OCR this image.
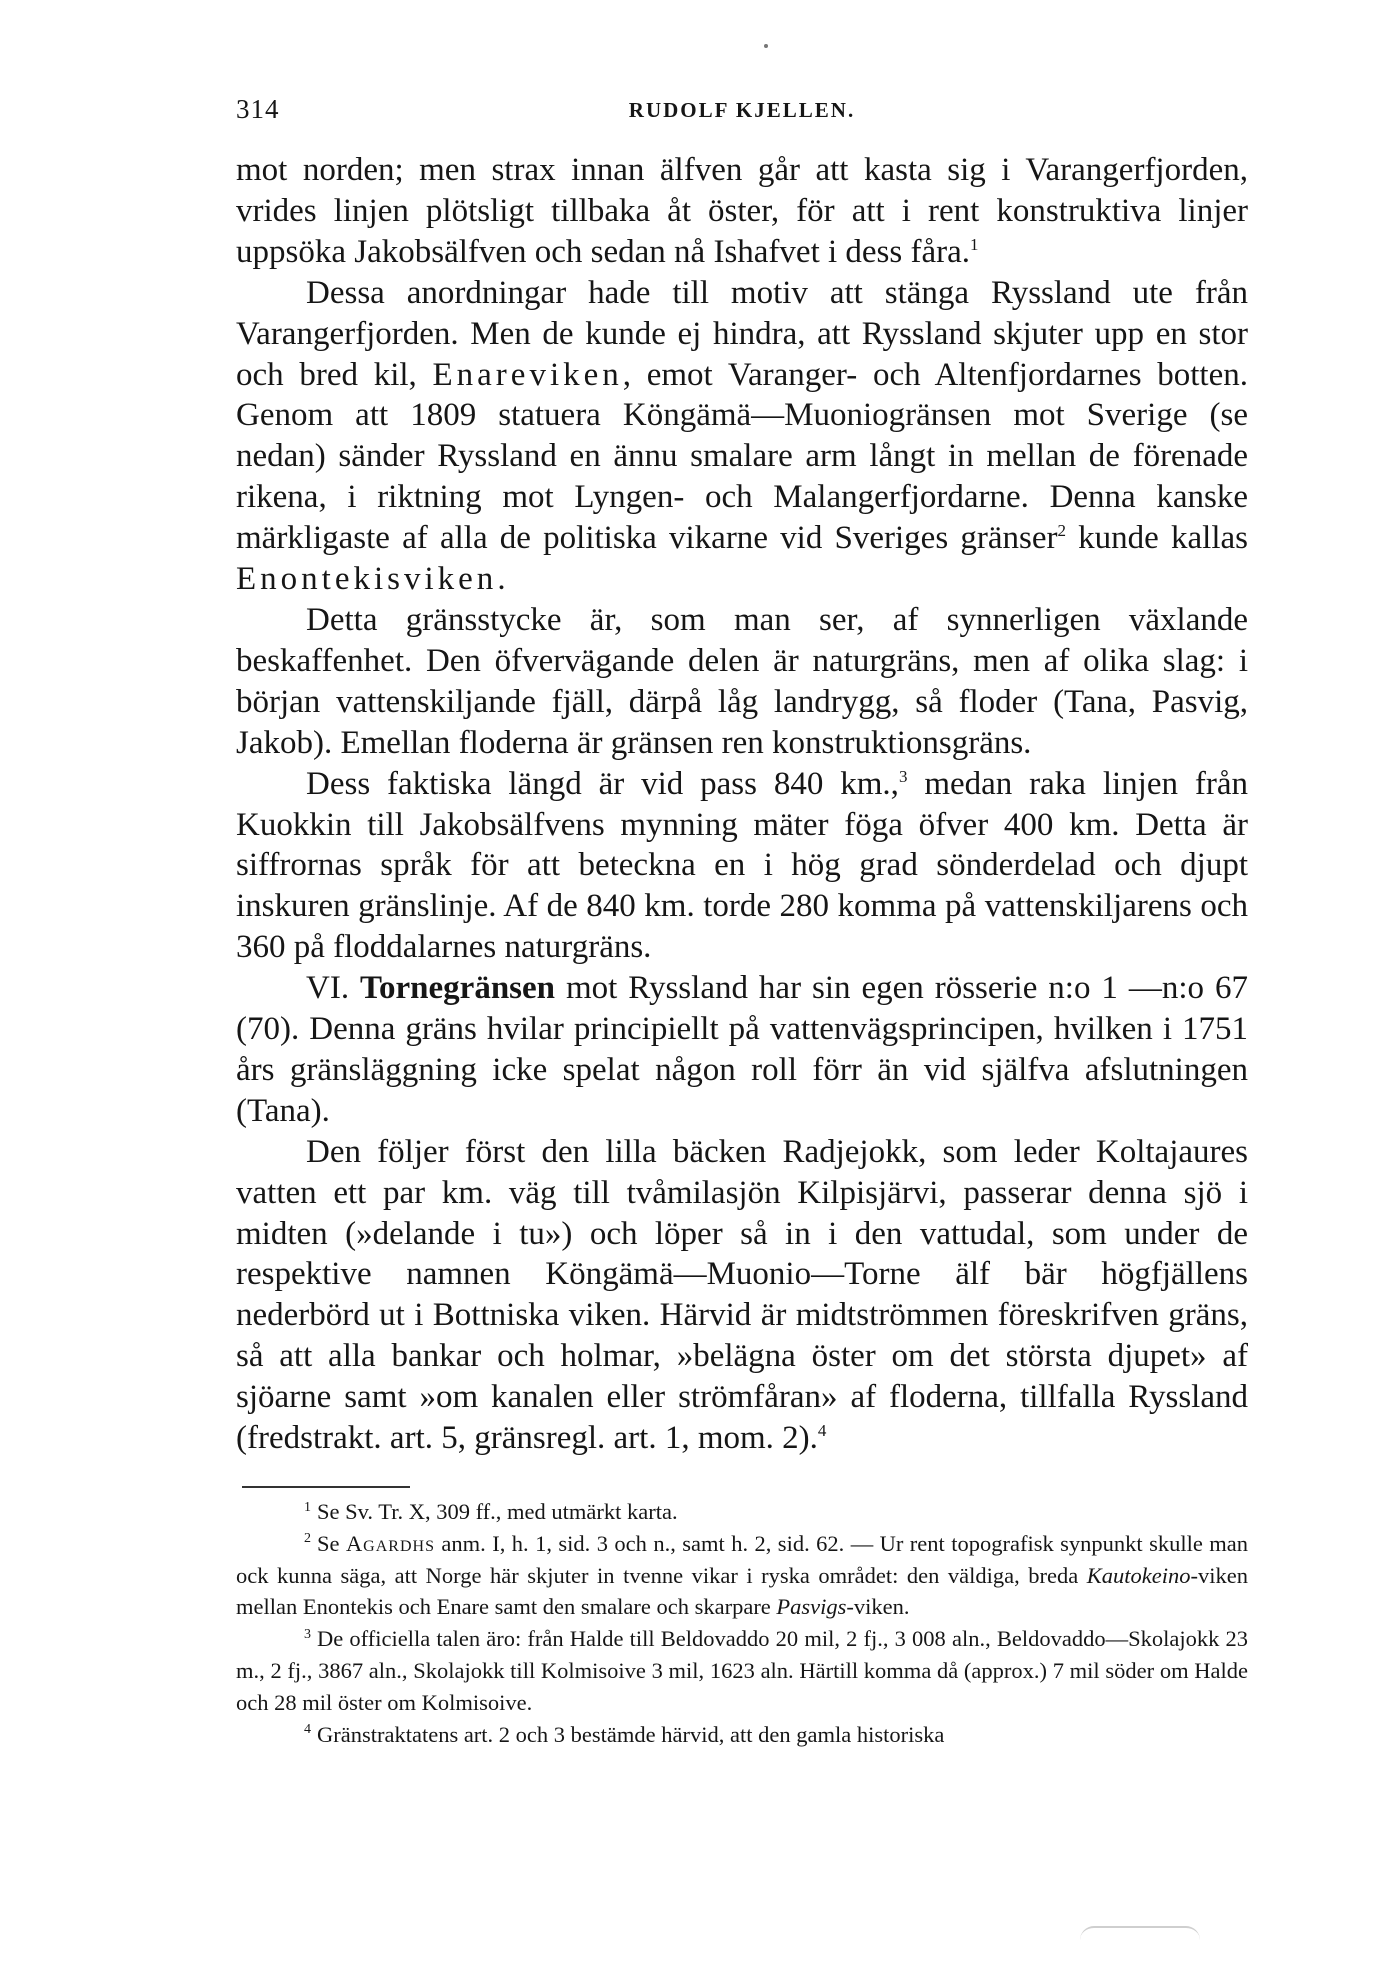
314	RUDOLF KJELLEN.

mot norden; men strax innan älfven går att kasta sig i Varangerfjorden, vrides linjen plötsligt tillbaka åt öster, för att i rent konstruktiva linjer uppsöka Jakobsälfven och sedan nå Ishafvet i dess fåra.$^1$

Dessa anordningar hade till motiv att stänga Ryssland ute från Varangerfjorden. Men de kunde ej hindra, att Ryssland skjuter upp en stor och bred kil, Enareviken, emot Varanger- och Altenfjordarnes botten. Genom att 1809 statuera Köngämä—Muoniogränsen mot Sverige (se nedan) sänder Ryssland en ännu smalare arm långt in mellan de förenade rikena, i riktning mot Lyngen- och Malangerfjordarne. Denna kanske märkligaste af alla de politiska vikarne vid Sveriges gränser$^2$ kunde kallas Enontekisviken.

Detta gränsstycke är, som man ser, af synnerligen växlande beskaffenhet. Den öfvervägande delen är naturgräns, men af olika slag: i början vattenskiljande fjäll, därpå låg landrygg, så floder (Tana, Pasvig, Jakob). Emellan floderna är gränsen ren konstruktionsgräns.

Dess faktiska längd är vid pass 840 km.,$^3$ medan raka linjen från Kuokkin till Jakobsälfvens mynning mäter föga öfver 400 km. Detta är siffrornas språk för att beteckna en i hög grad sönderdelad och djupt inskuren gränslinje. Af de 840 km. torde 280 komma på vattenskiljarens och 360 på floddalarnes naturgräns.

VI. Tornegränsen mot Ryssland har sin egen rösserie n:o 1 —n:o 67 (70). Denna gräns hvilar principiellt på vattenvägsprincipen, hvilken i 1751 års gränsläggning icke spelat någon roll förr än vid själfva afslutningen (Tana).

Den följer först den lilla bäcken Radjejokk, som leder Koltajaures vatten ett par km. väg till tvåmilasjön Kilpisjärvi, passerar denna sjö i midten (»delande i tu») och löper så in i den vattudal, som under de respektive namnen Köngämä—Muonio—Torne älf bär högfjällens nederbörd ut i Bottniska viken. Härvid är midtströmmen föreskrifven gräns, så att alla bankar och holmar, »belägna öster om det största djupet» af sjöarne samt »om kanalen eller strömfåran» af floderna, tillfalla Ryssland (fredstrakt. art. 5, gränsregl. art. 1, mom. 2).$^4$

$^1$ Se Sv. Tr. X, 309 ff., med utmärkt karta.

$^2$ Se Agardhs anm. I, h. 1, sid. 3 och n., samt h. 2, sid. 62. — Ur rent topografisk synpunkt skulle man ock kunna säga, att Norge här skjuter in tvenne vikar i ryska området: den väldiga, breda Kautokeino-viken mellan Enontekis och Enare samt den smalare och skarpare Pasvigs-viken.

$^3$ De officiella talen äro: från Halde till Beldovaddo 20 mil, 2 fj., 3 008 aln., Beldovaddo—Skolajokk 23 m., 2 fj., 3867 aln., Skolajokk till Kolmisoive 3 mil, 1623 aln. Härtill komma då (approx.) 7 mil söder om Halde och 28 mil öster om Kolmisoive.

$^4$ Gränstraktatens art. 2 och 3 bestämde härvid, att den gamla historiska
